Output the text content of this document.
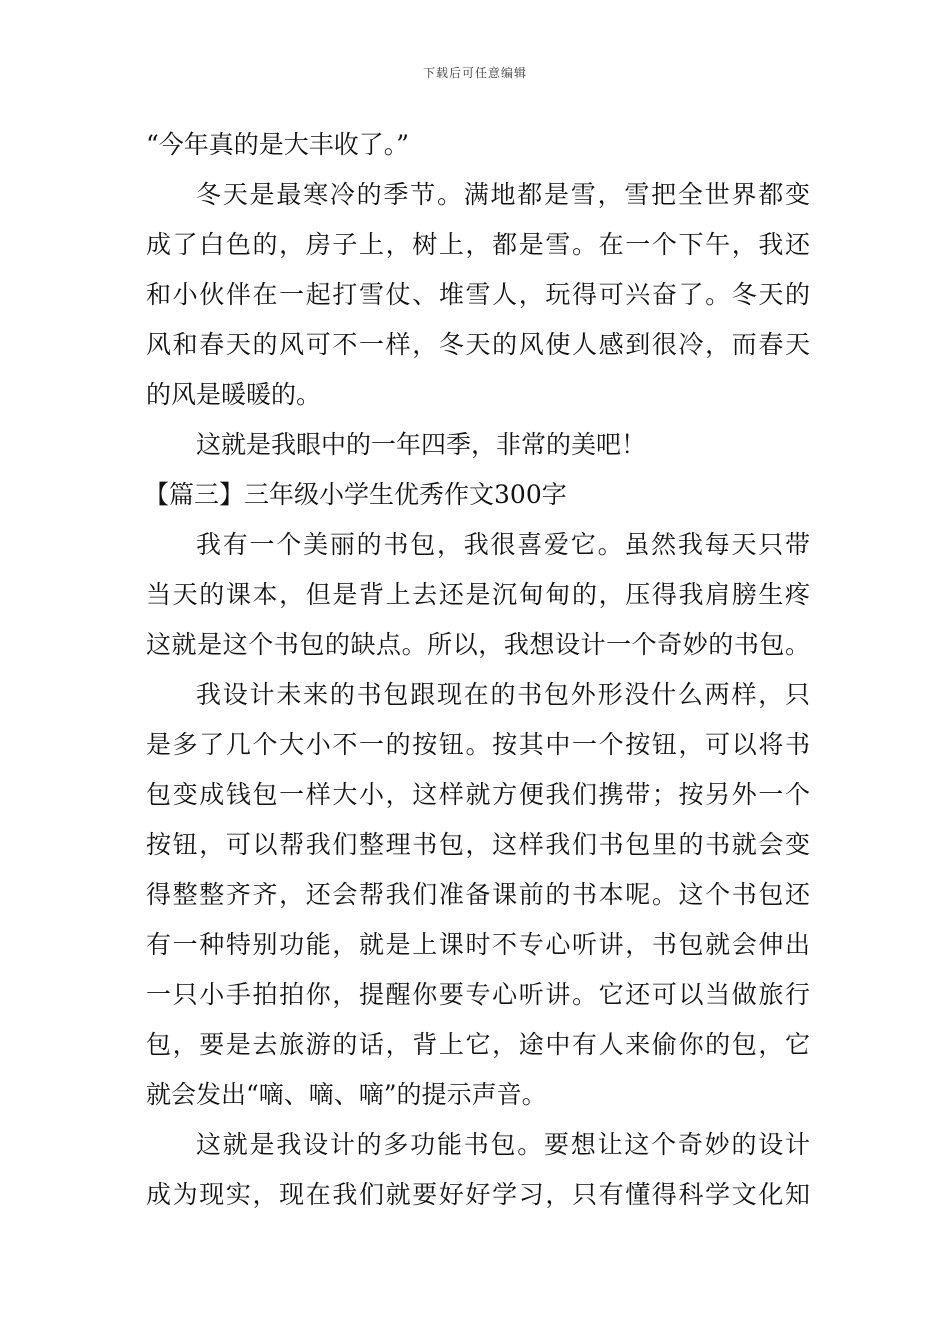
下载后可任意编辑
“今年真的是大丰收了。”
冬天是最寒冷的季节。满地都是雪，雪把全世界都变
成了白色的，房子上，树上，都是雪。在一个下午，我还
和小伙伴在一起打雪仗、堆雪人，玩得可兴奋了。冬天的
风和春天的风可不一样，冬天的风使人感到很冷，而春天
的风是暖暖的。
这就是我眼中的一年四季，非常的美吧！
【篇三】三年级小学生优秀作文300字
我有一个美丽的书包，我很喜爱它。虽然我每天只带
当天的课本，但是背上去还是沉甸甸的，压得我肩膀生疼
这就是这个书包的缺点。所以，我想设计一个奇妙的书包。
我设计未来的书包跟现在的书包外形没什么两样，只
是多了几个大小不一的按钮。按其中一个按钮，可以将书
包变成钱包一样大小，这样就方便我们携带；按另外一个
按钮，可以帮我们整理书包，这样我们书包里的书就会变
得整整齐齐，还会帮我们准备课前的书本呢。这个书包还
有一种特别功能，就是上课时不专心听讲，书包就会伸出
一只小手拍拍你，提醒你要专心听讲。它还可以当做旅行
包，要是去旅游的话，背上它，途中有人来偷你的包，它
就会发出“嘀、嘀、嘀”的提示声音。
这就是我设计的多功能书包。要想让这个奇妙的设计
成为现实，现在我们就要好好学习，只有懂得科学文化知
